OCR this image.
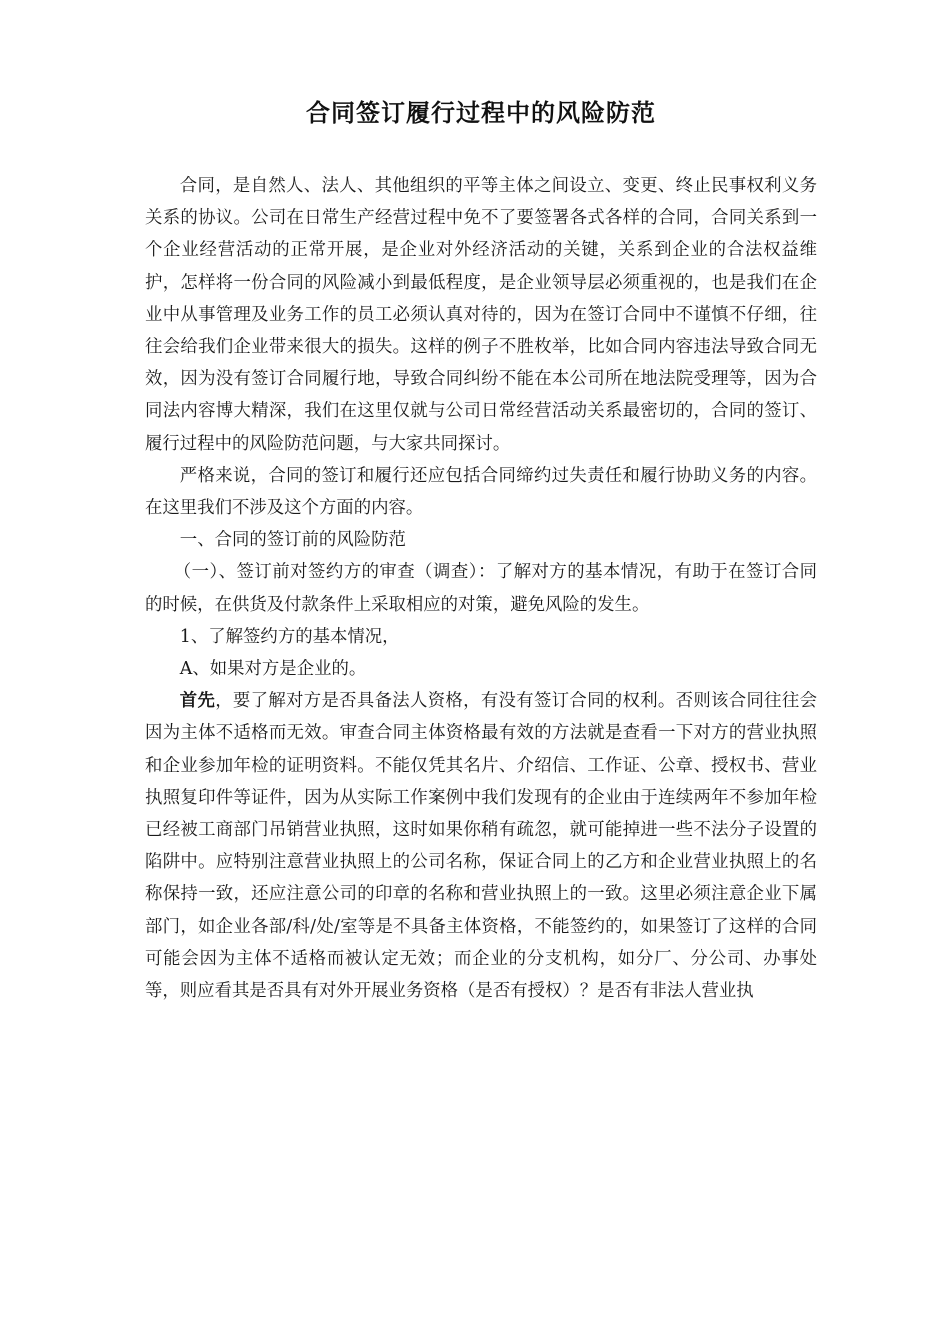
合同签订履行过程中的风险防范

合同，是自然人、法人、其他组织的平等主体之间设立、变更、终止民事权利义务关系的协议。公司在日常生产经营过程中免不了要签署各式各样的合同，合同关系到一个企业经营活动的正常开展，是企业对外经济活动的关键，关系到企业的合法权益维护，怎样将一份合同的风险减小到最低程度，是企业领导层必须重视的，也是我们在企业中从事管理及业务工作的员工必须认真对待的，因为在签订合同中不谨慎不仔细，往往会给我们企业带来很大的损失。这样的例子不胜枚举，比如合同内容违法导致合同无效，因为没有签订合同履行地，导致合同纠纷不能在本公司所在地法院受理等，因为合同法内容博大精深，我们在这里仅就与公司日常经营活动关系最密切的，合同的签订、履行过程中的风险防范问题，与大家共同探讨。

严格来说，合同的签订和履行还应包括合同缔约过失责任和履行协助义务的内容。在这里我们不涉及这个方面的内容。

一、合同的签订前的风险防范

（一）、签订前对签约方的审查（调查）：了解对方的基本情况，有助于在签订合同的时候，在供货及付款条件上采取相应的对策，避免风险的发生。

1、了解签约方的基本情况，

A、如果对方是企业的。

首先，要了解对方是否具备法人资格，有没有签订合同的权利。否则该合同往往会因为主体不适格而无效。审查合同主体资格最有效的方法就是查看一下对方的营业执照和企业参加年检的证明资料。不能仅凭其名片、介绍信、工作证、公章、授权书、营业执照复印件等证件，因为从实际工作案例中我们发现有的企业由于连续两年不参加年检已经被工商部门吊销营业执照，这时如果你稍有疏忽，就可能掉进一些不法分子设置的陷阱中。应特别注意营业执照上的公司名称，保证合同上的乙方和企业营业执照上的名称保持一致，还应注意公司的印章的名称和营业执照上的一致。这里必须注意企业下属部门，如企业各部/科/处/室等是不具备主体资格，不能签约的，如果签订了这样的合同可能会因为主体不适格而被认定无效；而企业的分支机构，如分厂、分公司、办事处等，则应看其是否具有对外开展业务资格（是否有授权）？是否有非法人营业执
